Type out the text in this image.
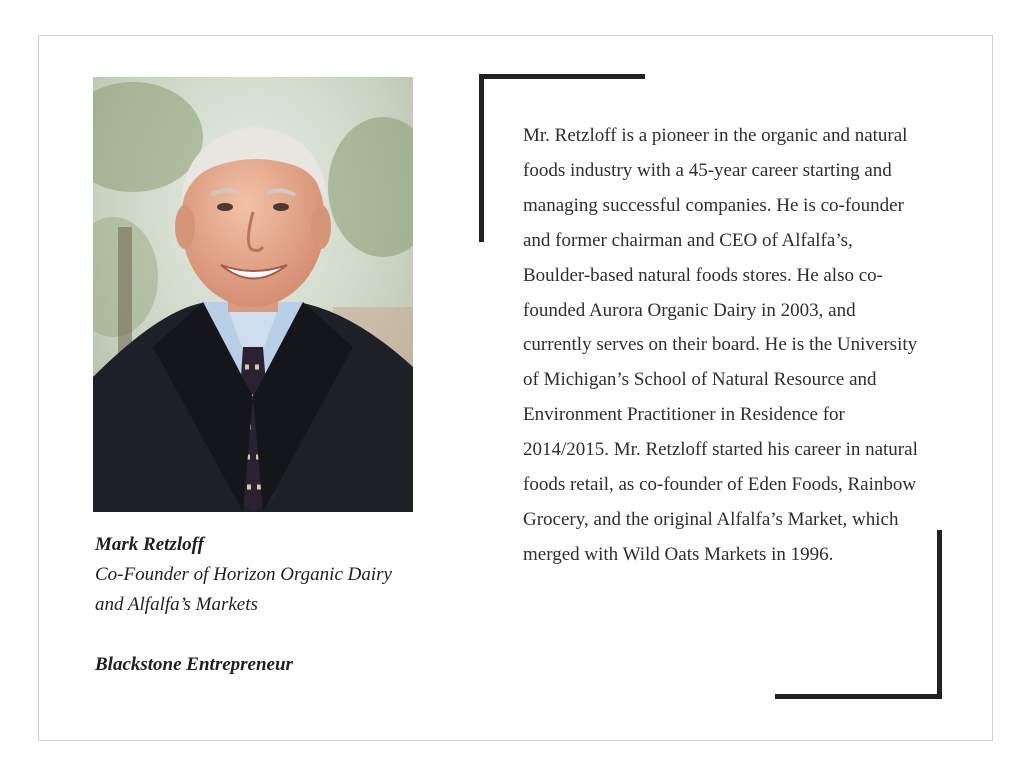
Mark Retzloff
Co-Founder of Horizon Organic Dairy
and Alfalfa’s Markets
Blackstone Entrepreneur
Mr. Retzloff is a pioneer in the organic and natural foods industry with a 45-year career starting and managing successful companies. He is co-founder and former chairman and CEO of Alfalfa’s, Boulder-based natural foods stores. He also co-founded Aurora Organic Dairy in 2003, and currently serves on their board. He is the University of Michigan’s School of Natural Resource and Environment Practitioner in Residence for 2014/2015. Mr. Retzloff started his career in natural foods retail, as co-founder of Eden Foods, Rainbow Grocery, and the original Alfalfa’s Market, which merged with Wild Oats Markets in 1996.
